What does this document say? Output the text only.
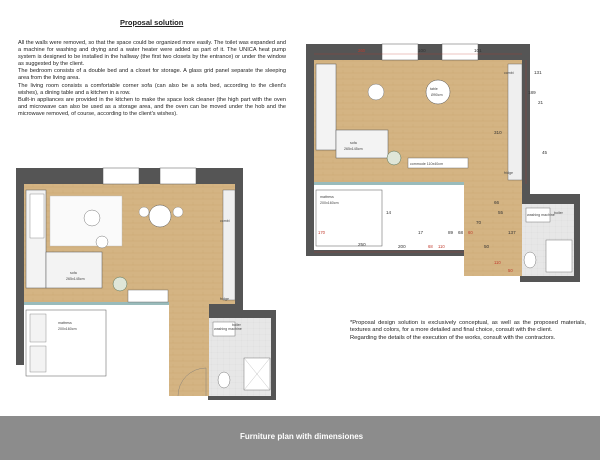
Proposal solution

All the walls were removed, so that the space could be organized more easily. The toilet was expanded and a machine for washing and drying and a water heater were added as part of it. The UNICA heat pump system is designed to be installed in the hallway (the first two closets by the entrance) or under the window as suggested by the client.

The bedroom consists of a double bed and a closet for storage. A glass grid panel separate the sleeping area from the living area.

The living room consists a comfortable corner sofa (can also be a sofa bed, according to the client's wishes), a dining table and a kitchen in a row.

Built-in appliances are provided in the kitchen to make the space look cleaner (the high part with the oven and microwave can also be used as a storage area, and the oven can be moved under the hob and the microwave removed, of course, according to the client's wishes).

sofa
265x145cm
combi
fridge
mattress
200x160cm	washing machine
boiler
sofa
265x145cm
table
Ø90cm
combi
fridge
commode 110x40cm
mattress
200x160cm
washing machine boiler
260	100	101
189
170
14
200
17
68
310
89 68 60
70
250
131
110
55
137
50
110
21
45
66
50

*Proposal design solution is exclusively conceptual, as well as the proposed materials, textures and colors, for a more detailed and final choice, consult with the client.

Regarding the details of the execution of the works, consult with the contractors.

Furniture plan with dimensiones
